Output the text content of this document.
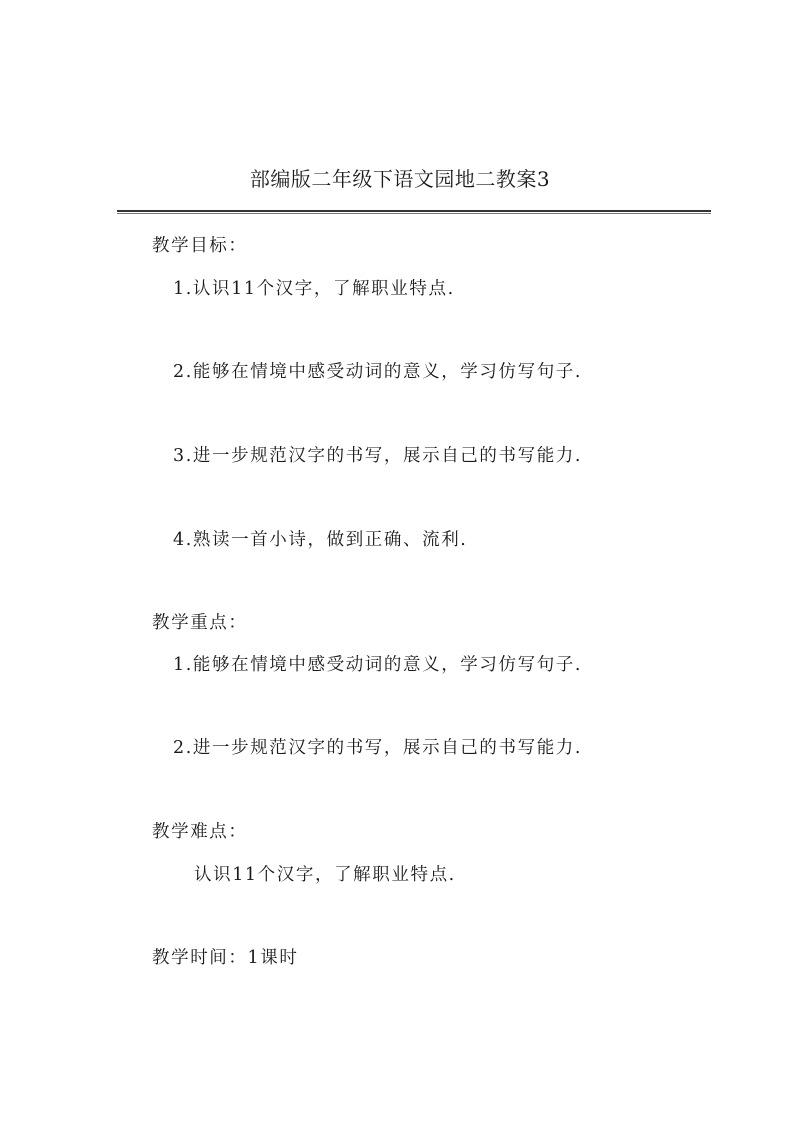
部编版二年级下语文园地二教案3
教学目标：
1.认识11个汉字，了解职业特点.
2.能够在情境中感受动词的意义，学习仿写句子.
3.进一步规范汉字的书写，展示自己的书写能力.
4.熟读一首小诗，做到正确、流利.
教学重点：
1.能够在情境中感受动词的意义，学习仿写句子.
2.进一步规范汉字的书写，展示自己的书写能力.
教学难点：
认识11个汉字，了解职业特点.
教学时间：1课时
